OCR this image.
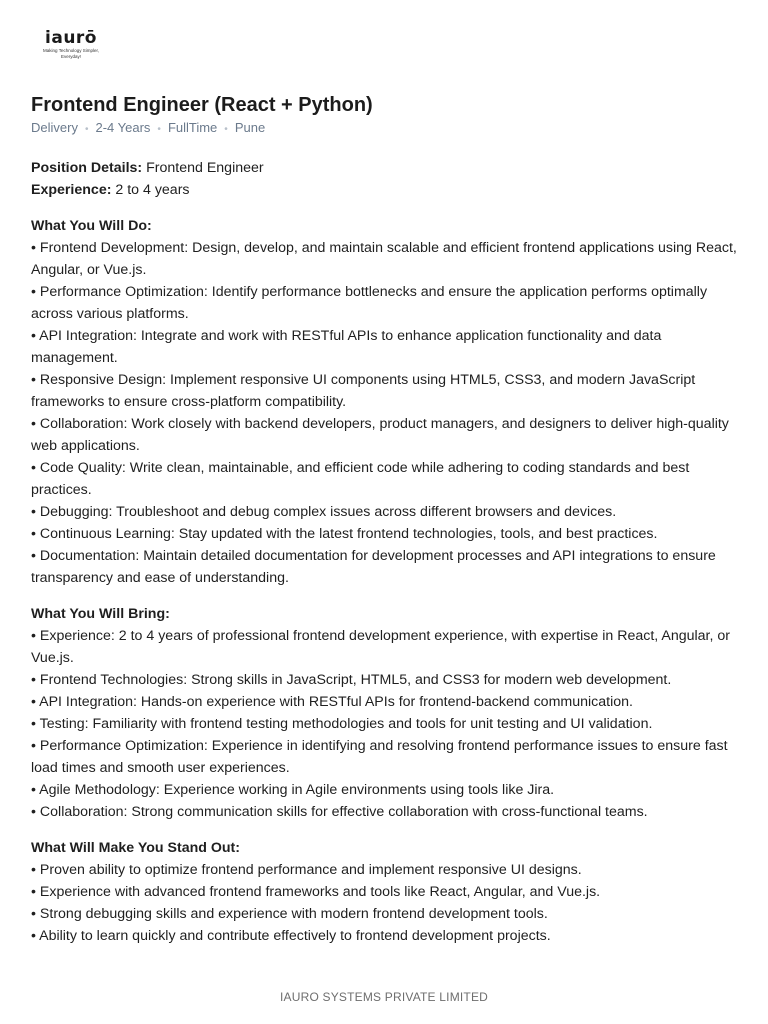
iaurō
Making Technology Simpler,
Everyday!
Frontend Engineer (React + Python)
Delivery • 2-4 Years • FullTime • Pune

Position Details: Frontend Engineer

Experience: 2 to 4 years

What You Will Do:

• Frontend Development: Design, develop, and maintain scalable and efficient frontend applications using React, Angular, or Vue.js.
• Performance Optimization: Identify performance bottlenecks and ensure the application performs optimally across various platforms.
• API Integration: Integrate and work with RESTful APIs to enhance application functionality and data management.
• Responsive Design: Implement responsive UI components using HTML5, CSS3, and modern JavaScript frameworks to ensure cross-platform compatibility.
• Collaboration: Work closely with backend developers, product managers, and designers to deliver high-quality web applications.
• Code Quality: Write clean, maintainable, and efficient code while adhering to coding standards and best practices.
• Debugging: Troubleshoot and debug complex issues across different browsers and devices.
• Continuous Learning: Stay updated with the latest frontend technologies, tools, and best practices.
• Documentation: Maintain detailed documentation for development processes and API integrations to ensure transparency and ease of understanding.

What You Will Bring:

• Experience: 2 to 4 years of professional frontend development experience, with expertise in React, Angular, or Vue.js.
• Frontend Technologies: Strong skills in JavaScript, HTML5, and CSS3 for modern web development.
• API Integration: Hands-on experience with RESTful APIs for frontend-backend communication.
• Testing: Familiarity with frontend testing methodologies and tools for unit testing and UI validation.
• Performance Optimization: Experience in identifying and resolving frontend performance issues to ensure fast load times and smooth user experiences.
• Agile Methodology: Experience working in Agile environments using tools like Jira.
• Collaboration: Strong communication skills for effective collaboration with cross-functional teams.

What Will Make You Stand Out:

• Proven ability to optimize frontend performance and implement responsive UI designs.
• Experience with advanced frontend frameworks and tools like React, Angular, and Vue.js.
• Strong debugging skills and experience with modern frontend development tools.
• Ability to learn quickly and contribute effectively to frontend development projects.
IAURO SYSTEMS PRIVATE LIMITED
